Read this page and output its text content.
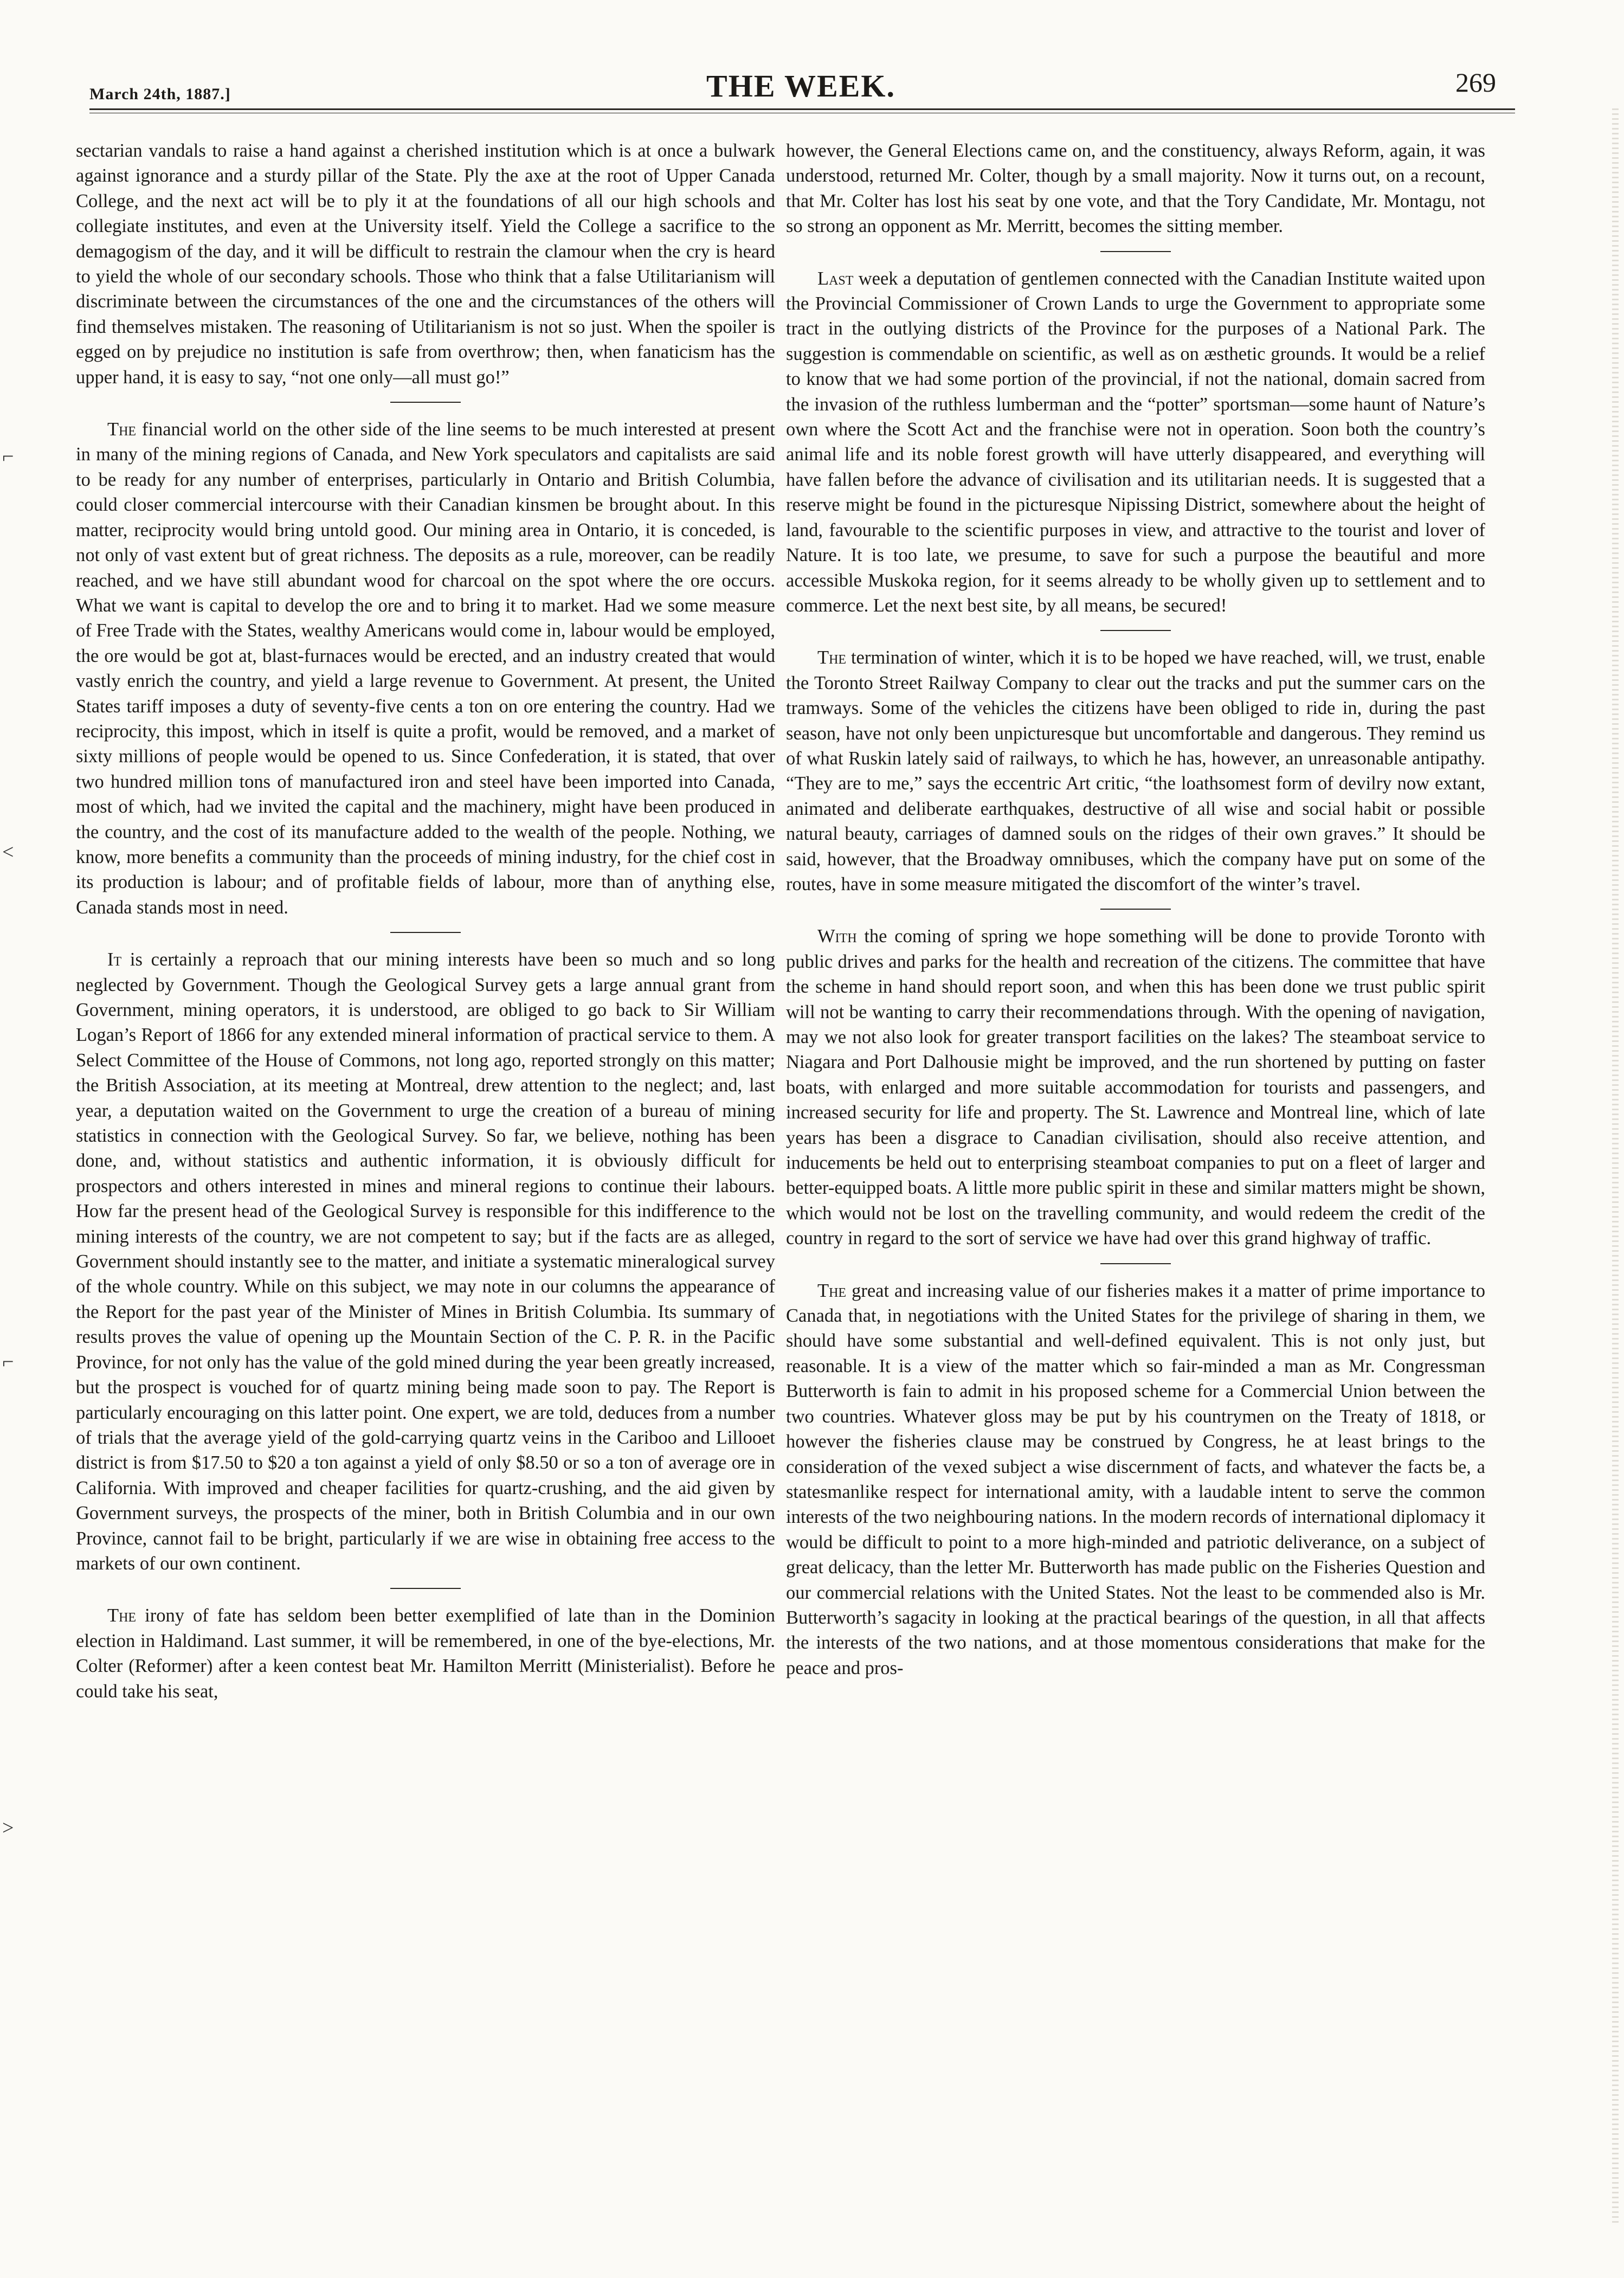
March 24th, 1887.]	THE WEEK.	269
⌐
<
⌐
>

sectarian vandals to raise a hand against a cherished institution which is at once a bulwark against ignorance and a sturdy pillar of the State. Ply the axe at the root of Upper Canada College, and the next act will be to ply it at the foundations of all our high schools and collegiate institutes, and even at the University itself. Yield the College a sacrifice to the demagogism of the day, and it will be difficult to restrain the clamour when the cry is heard to yield the whole of our secondary schools. Those who think that a false Utilitarianism will discriminate between the circumstances of the one and the circumstances of the others will find themselves mistaken. The reasoning of Utilitarianism is not so just. When the spoiler is egged on by prejudice no institution is safe from overthrow; then, when fanaticism has the upper hand, it is easy to say, “not one only—all must go!”

The financial world on the other side of the line seems to be much interested at present in many of the mining regions of Canada, and New York speculators and capitalists are said to be ready for any number of enterprises, particularly in Ontario and British Columbia, could closer commercial intercourse with their Canadian kinsmen be brought about. In this matter, reciprocity would bring untold good. Our mining area in Ontario, it is conceded, is not only of vast extent but of great richness. The deposits as a rule, moreover, can be readily reached, and we have still abundant wood for charcoal on the spot where the ore occurs. What we want is capital to develop the ore and to bring it to market. Had we some measure of Free Trade with the States, wealthy Americans would come in, labour would be employed, the ore would be got at, blast-furnaces would be erected, and an industry created that would vastly enrich the country, and yield a large revenue to Government. At present, the United States tariff imposes a duty of seventy-five cents a ton on ore entering the country. Had we reciprocity, this impost, which in itself is quite a profit, would be removed, and a market of sixty millions of people would be opened to us. Since Confederation, it is stated, that over two hundred million tons of manufactured iron and steel have been imported into Canada, most of which, had we invited the capital and the machinery, might have been produced in the country, and the cost of its manufacture added to the wealth of the people. Nothing, we know, more benefits a community than the proceeds of mining industry, for the chief cost in its production is labour; and of profitable fields of labour, more than of anything else, Canada stands most in need.

It is certainly a reproach that our mining interests have been so much and so long neglected by Government. Though the Geological Survey gets a large annual grant from Government, mining operators, it is understood, are obliged to go back to Sir William Logan’s Report of 1866 for any extended mineral information of practical service to them. A Select Committee of the House of Commons, not long ago, reported strongly on this matter; the British Association, at its meeting at Montreal, drew attention to the neglect; and, last year, a deputation waited on the Government to urge the creation of a bureau of mining statistics in connection with the Geological Survey. So far, we believe, nothing has been done, and, without statistics and authentic information, it is obviously difficult for prospectors and others interested in mines and mineral regions to continue their labours. How far the present head of the Geological Survey is responsible for this indifference to the mining interests of the country, we are not competent to say; but if the facts are as alleged, Government should instantly see to the matter, and initiate a systematic mineralogical survey of the whole country. While on this subject, we may note in our columns the appearance of the Report for the past year of the Minister of Mines in British Columbia. Its summary of results proves the value of opening up the Mountain Section of the C. P. R. in the Pacific Province, for not only has the value of the gold mined during the year been greatly increased, but the prospect is vouched for of quartz mining being made soon to pay. The Report is particularly encouraging on this latter point. One expert, we are told, deduces from a number of trials that the average yield of the gold-carrying quartz veins in the Cariboo and Lillooet district is from $17.50 to $20 a ton against a yield of only $8.50 or so a ton of average ore in California. With improved and cheaper facilities for quartz-crushing, and the aid given by Government surveys, the prospects of the miner, both in British Columbia and in our own Province, cannot fail to be bright, particularly if we are wise in obtaining free access to the markets of our own continent.

The irony of fate has seldom been better exemplified of late than in the Dominion election in Haldimand. Last summer, it will be remembered, in one of the bye-elections, Mr. Colter (Reformer) after a keen contest beat Mr. Hamilton Merritt (Ministerialist). Before he could take his seat,

however, the General Elections came on, and the constituency, always Reform, again, it was understood, returned Mr. Colter, though by a small majority. Now it turns out, on a recount, that Mr. Colter has lost his seat by one vote, and that the Tory Candidate, Mr. Montagu, not so strong an opponent as Mr. Merritt, becomes the sitting member.

Last week a deputation of gentlemen connected with the Canadian Institute waited upon the Provincial Commissioner of Crown Lands to urge the Government to appropriate some tract in the outlying districts of the Province for the purposes of a National Park. The suggestion is commendable on scientific, as well as on æsthetic grounds. It would be a relief to know that we had some portion of the provincial, if not the national, domain sacred from the invasion of the ruthless lumberman and the “potter” sportsman—some haunt of Nature’s own where the Scott Act and the franchise were not in operation. Soon both the country’s animal life and its noble forest growth will have utterly disappeared, and everything will have fallen before the advance of civilisation and its utilitarian needs. It is suggested that a reserve might be found in the picturesque Nipissing District, somewhere about the height of land, favourable to the scientific purposes in view, and attractive to the tourist and lover of Nature. It is too late, we presume, to save for such a purpose the beautiful and more accessible Muskoka region, for it seems already to be wholly given up to settlement and to commerce. Let the next best site, by all means, be secured!

The termination of winter, which it is to be hoped we have reached, will, we trust, enable the Toronto Street Railway Company to clear out the tracks and put the summer cars on the tramways. Some of the vehicles the citizens have been obliged to ride in, during the past season, have not only been unpicturesque but uncomfortable and dangerous. They remind us of what Ruskin lately said of railways, to which he has, however, an unreasonable antipathy. “They are to me,” says the eccentric Art critic, “the loathsomest form of devilry now extant, animated and deliberate earthquakes, destructive of all wise and social habit or possible natural beauty, carriages of damned souls on the ridges of their own graves.” It should be said, however, that the Broadway omnibuses, which the company have put on some of the routes, have in some measure mitigated the discomfort of the winter’s travel.

With the coming of spring we hope something will be done to provide Toronto with public drives and parks for the health and recreation of the citizens. The committee that have the scheme in hand should report soon, and when this has been done we trust public spirit will not be wanting to carry their recommendations through. With the opening of navigation, may we not also look for greater transport facilities on the lakes? The steamboat service to Niagara and Port Dalhousie might be improved, and the run shortened by putting on faster boats, with enlarged and more suitable accommodation for tourists and passengers, and increased security for life and property. The St. Lawrence and Montreal line, which of late years has been a disgrace to Canadian civilisation, should also receive attention, and inducements be held out to enterprising steamboat companies to put on a fleet of larger and better-equipped boats. A little more public spirit in these and similar matters might be shown, which would not be lost on the travelling community, and would redeem the credit of the country in regard to the sort of service we have had over this grand highway of traffic.

The great and increasing value of our fisheries makes it a matter of prime importance to Canada that, in negotiations with the United States for the privilege of sharing in them, we should have some substantial and well-defined equivalent. This is not only just, but reasonable. It is a view of the matter which so fair-minded a man as Mr. Congressman Butterworth is fain to admit in his proposed scheme for a Commercial Union between the two countries. Whatever gloss may be put by his countrymen on the Treaty of 1818, or however the fisheries clause may be construed by Congress, he at least brings to the consideration of the vexed subject a wise discernment of facts, and whatever the facts be, a statesmanlike respect for international amity, with a laudable intent to serve the common interests of the two neighbouring nations. In the modern records of international diplomacy it would be difficult to point to a more high-minded and patriotic deliverance, on a subject of great delicacy, than the letter Mr. Butterworth has made public on the Fisheries Question and our commercial relations with the United States. Not the least to be commended also is Mr. Butterworth’s sagacity in looking at the practical bearings of the question, in all that affects the interests of the two nations, and at those momentous considerations that make for the peace and pros-
